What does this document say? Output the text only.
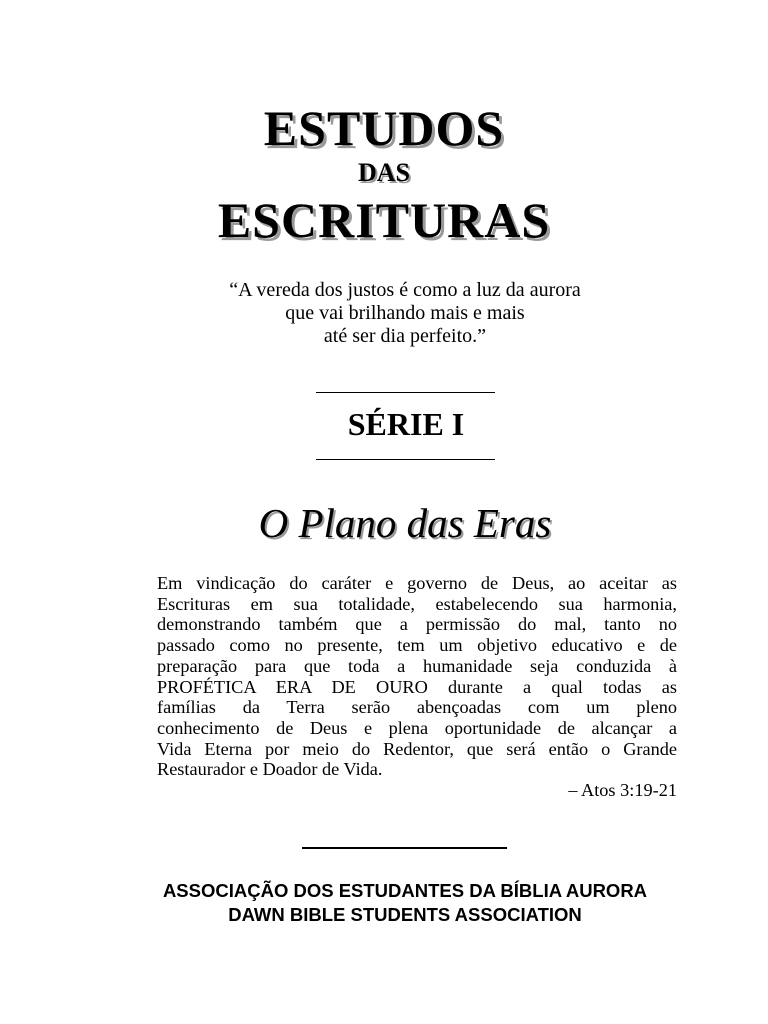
ESTUDOS
DAS
ESCRITURAS
“A vereda dos justos é como a luz da aurora
que vai brilhando mais e mais
até ser dia perfeito.”
SÉRIE I
O Plano das Eras
Em vindicação do caráter e governo de Deus, ao aceitar as
Escrituras em sua totalidade, estabelecendo sua harmonia,
demonstrando também que a permissão do mal, tanto no
passado como no presente, tem um objetivo educativo e de
preparação para que toda a humanidade seja conduzida à
PROFÉTICA ERA DE OURO durante a qual todas as
famílias da Terra serão abençoadas com um pleno
conhecimento de Deus e plena oportunidade de alcançar a
Vida Eterna por meio do Redentor, que será então o Grande
Restaurador e Doador de Vida.
– Atos 3:19-21
ASSOCIAÇÃO DOS ESTUDANTES DA BÍBLIA AURORA
DAWN BIBLE STUDENTS ASSOCIATION
